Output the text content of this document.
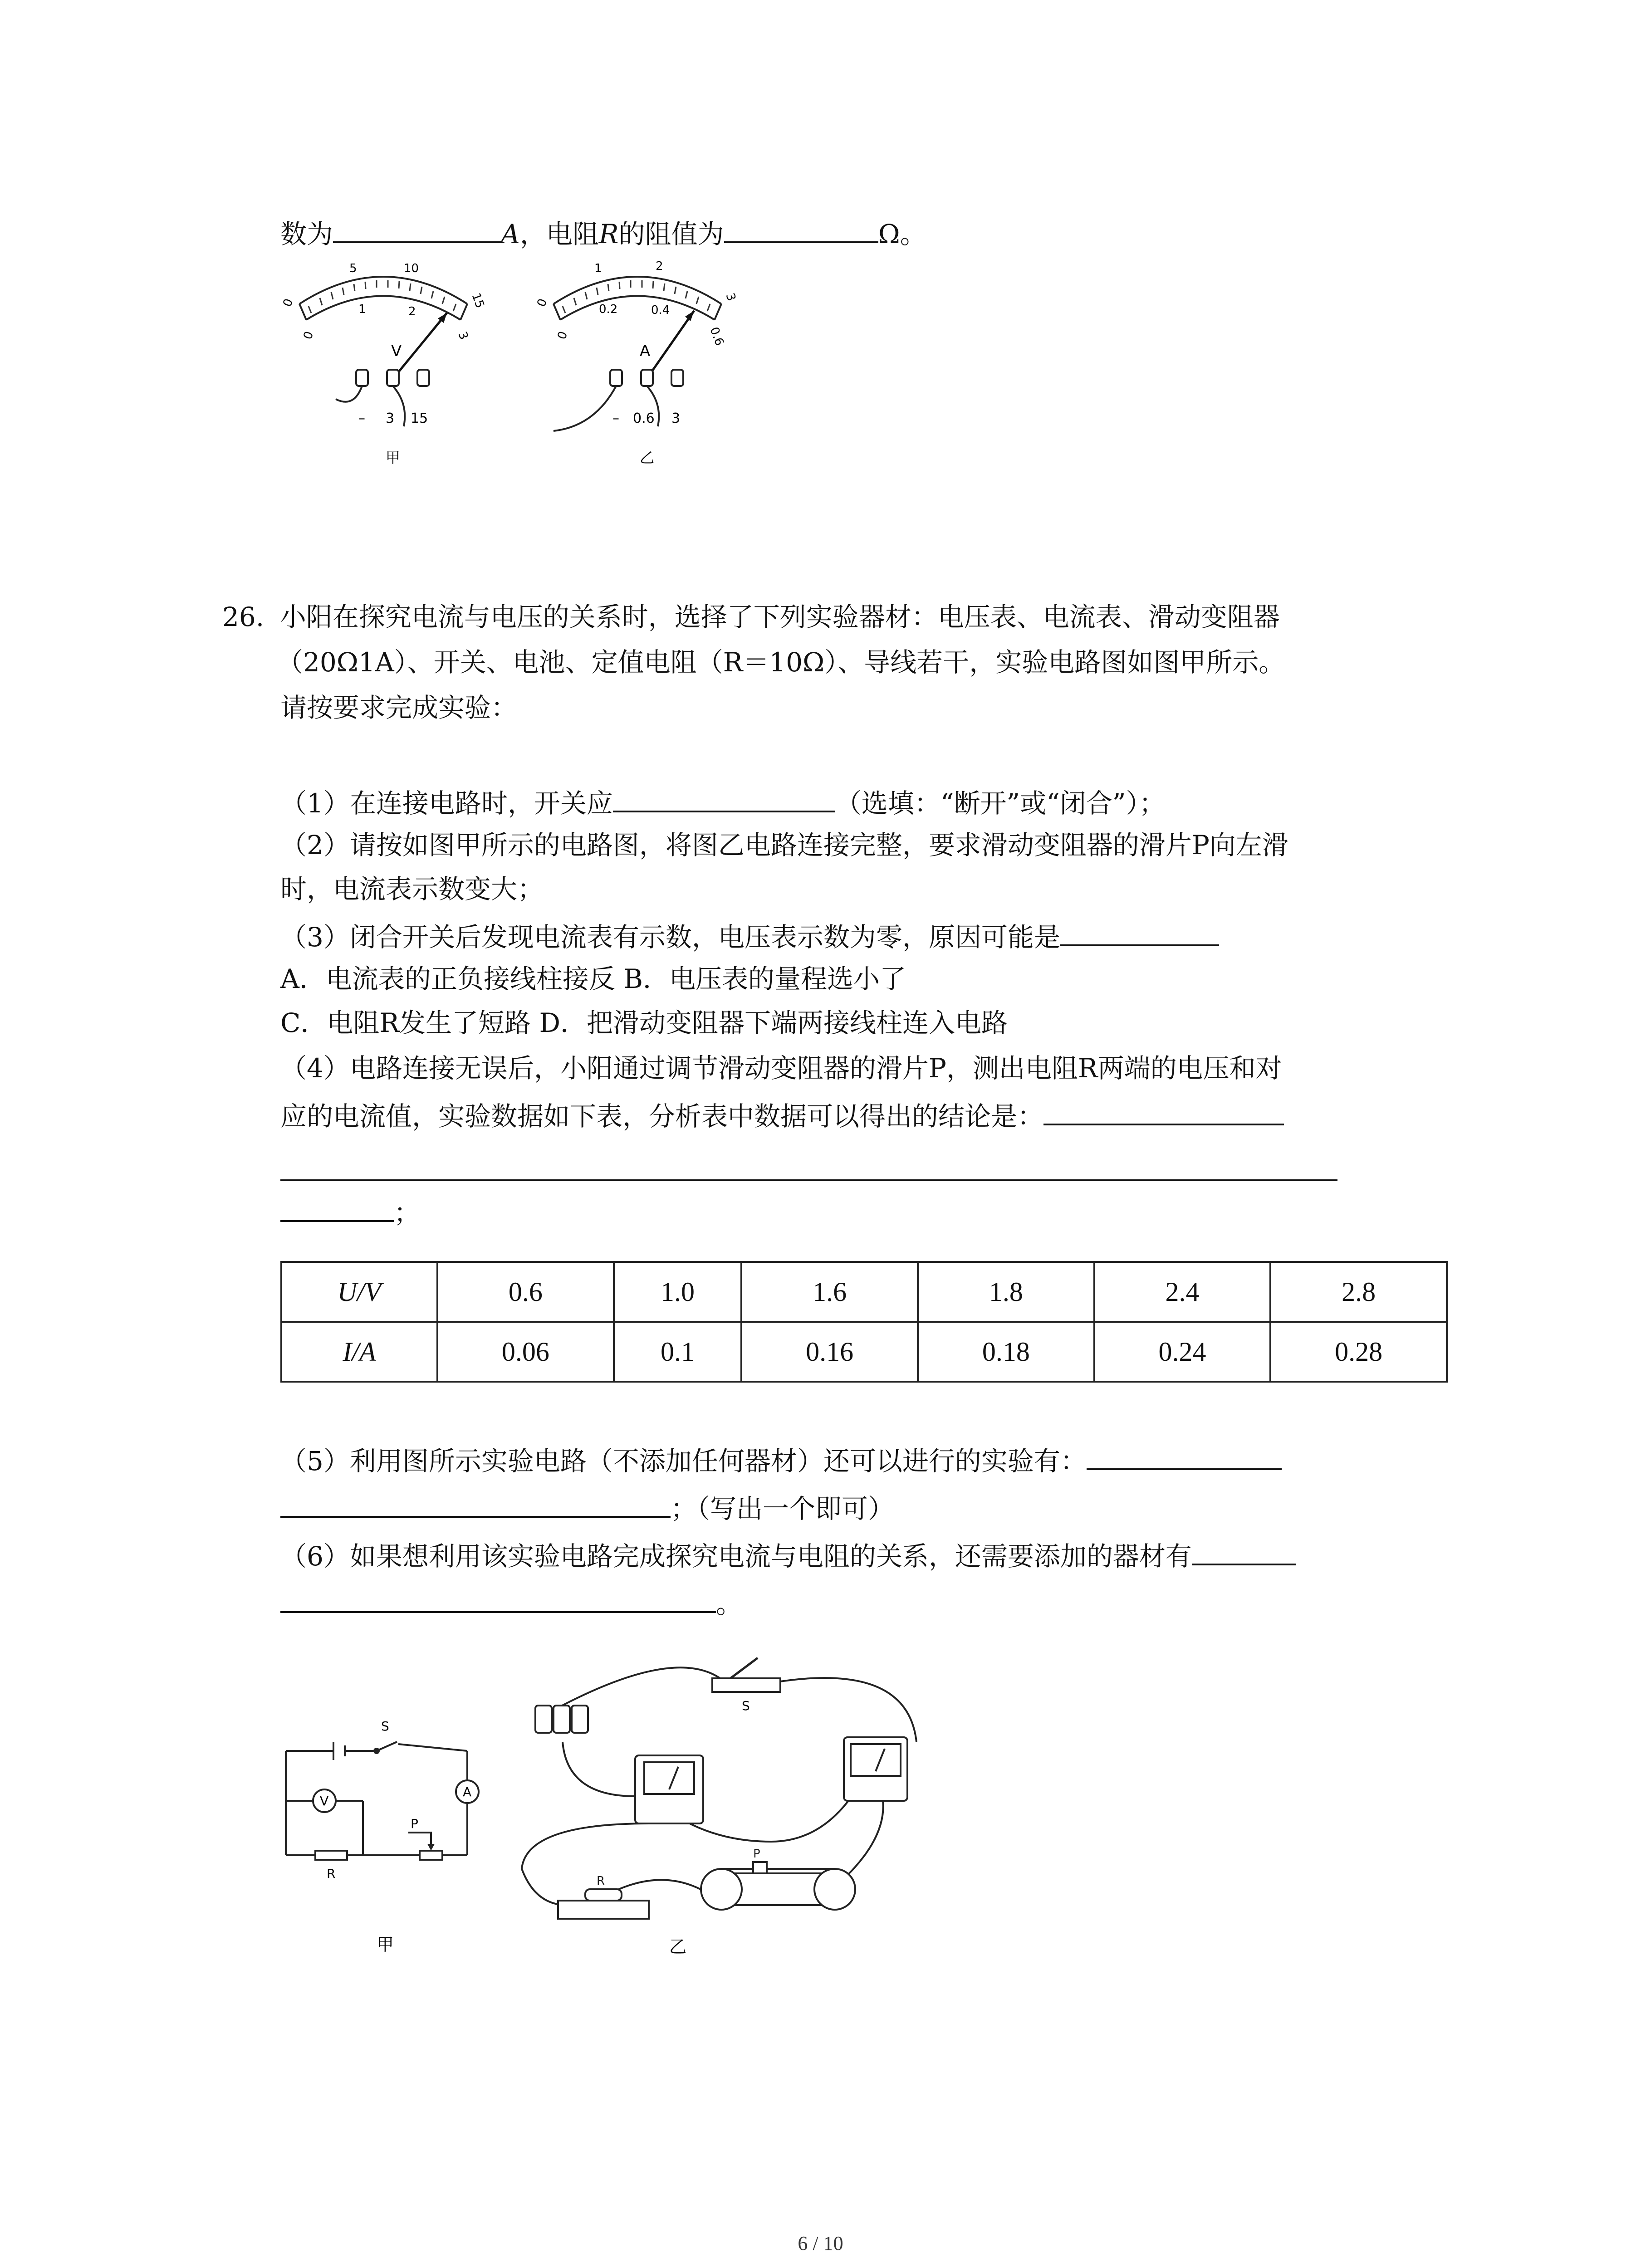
数为	A，电阻R的阻值为	Ω。
0
5	10
15
0
1	2
3
V
– 3 15
甲
0
1	2
3
0
0.2	0.4
0.6
A
– 0.6 3
乙
26. 小阳在探究电流与电压的关系时，选择了下列实验器材：电压表、电流表、滑动变阻器
（20Ω1A）、开关、电池、定值电阻（R＝10Ω）、导线若干，实验电路图如图甲所示。
请按要求完成实验：
（1）在连接电路时，开关应	（选填：“断开”或“闭合”）；
（2）请按如图甲所示的电路图，将图乙电路连接完整，要求滑动变阻器的滑片P向左滑
时，电流表示数变大；
（3）闭合开关后发现电流表有示数，电压表示数为零，原因可能是
A．电流表的正负接线柱接反 B．电压表的量程选小了
C．电阻R发生了短路 D．把滑动变阻器下端两接线柱连入电路
（4）电路连接无误后，小阳通过调节滑动变阻器的滑片P，测出电阻R两端的电压和对
应的电流值，实验数据如下表，分析表中数据可以得出的结论是：
；
U/V	0.6	1.0	1.6	1.8	2.4	2.8
I/A	0.06	0.1	0.16	0.18	0.24	0.28
（5）利用图所示实验电路（不添加任何器材）还可以进行的实验有：
；（写出一个即可）
（6）如果想利用该实验电路完成探究电流与电阻的关系，还需要添加的器材有
。
S
V
A
P
R
甲
S
R
P
乙
6 / 10
